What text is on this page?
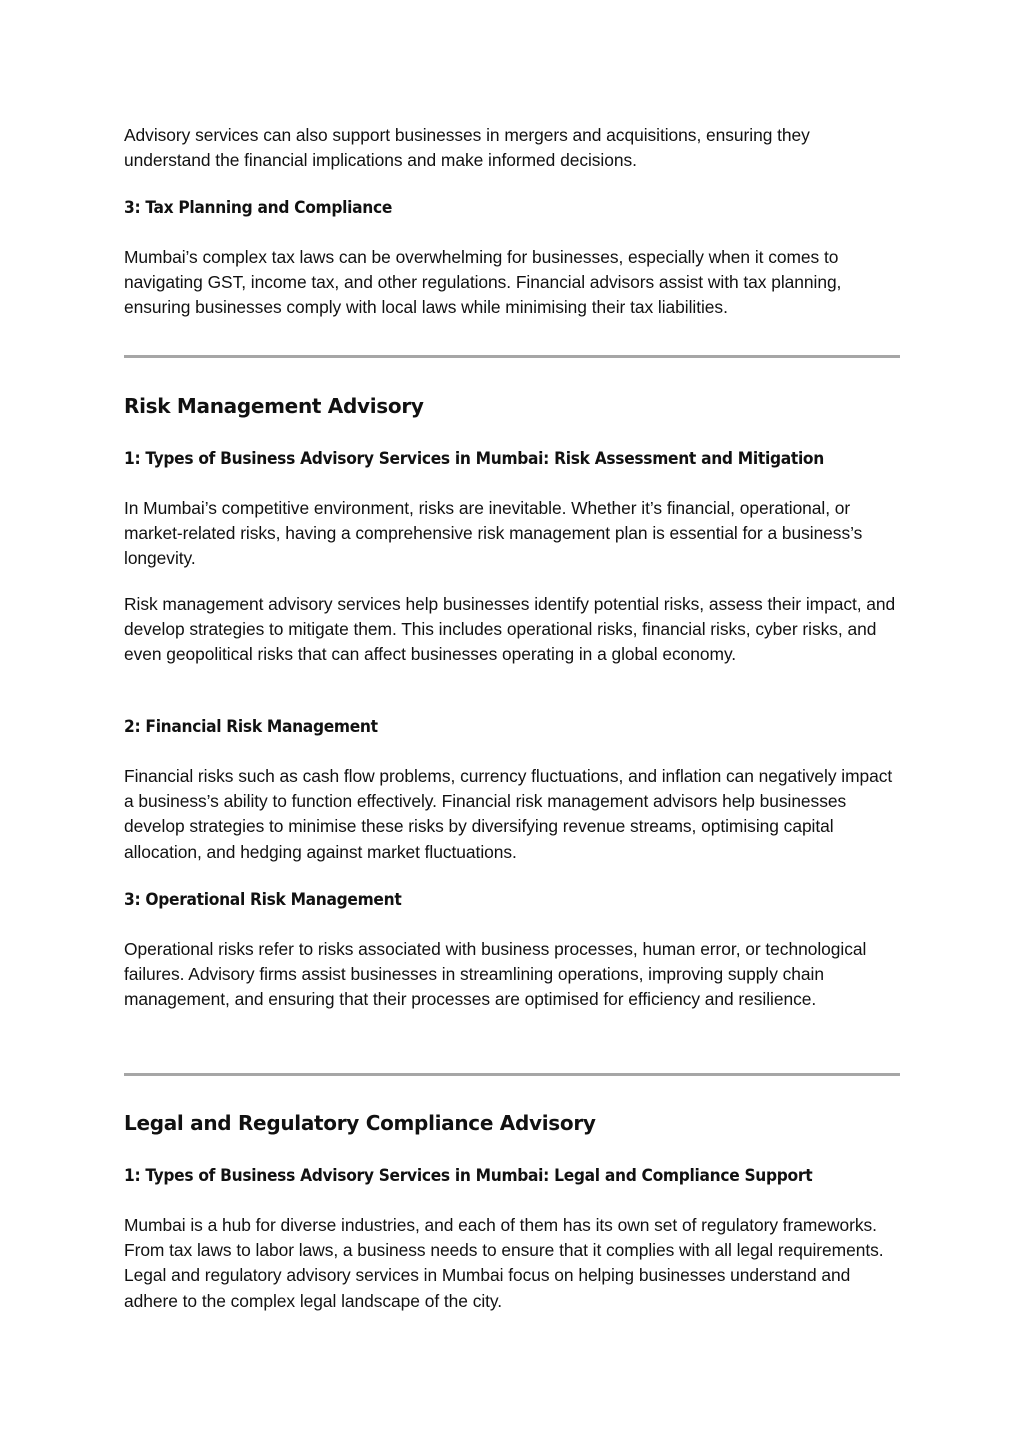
Advisory services can also support businesses in mergers and acquisitions, ensuring they understand the financial implications and make informed decisions.

3: Tax Planning and Compliance

Mumbai’s complex tax laws can be overwhelming for businesses, especially when it comes to navigating GST, income tax, and other regulations. Financial advisors assist with tax planning, ensuring businesses comply with local laws while minimising their tax liabilities.

Risk Management Advisory
1: Types of Business Advisory Services in Mumbai: Risk Assessment and Mitigation

In Mumbai’s competitive environment, risks are inevitable. Whether it’s financial, operational, or market-related risks, having a comprehensive risk management plan is essential for a business’s longevity.

Risk management advisory services help businesses identify potential risks, assess their impact, and develop strategies to mitigate them. This includes operational risks, financial risks, cyber risks, and even geopolitical risks that can affect businesses operating in a global economy.

2: Financial Risk Management

Financial risks such as cash flow problems, currency fluctuations, and inflation can negatively impact a business’s ability to function effectively. Financial risk management advisors help businesses develop strategies to minimise these risks by diversifying revenue streams, optimising capital allocation, and hedging against market fluctuations.

3: Operational Risk Management

Operational risks refer to risks associated with business processes, human error, or technological failures. Advisory firms assist businesses in streamlining operations, improving supply chain management, and ensuring that their processes are optimised for efficiency and resilience.

Legal and Regulatory Compliance Advisory
1: Types of Business Advisory Services in Mumbai: Legal and Compliance Support

Mumbai is a hub for diverse industries, and each of them has its own set of regulatory frameworks. From tax laws to labor laws, a business needs to ensure that it complies with all legal requirements. Legal and regulatory advisory services in Mumbai focus on helping businesses understand and adhere to the complex legal landscape of the city.
